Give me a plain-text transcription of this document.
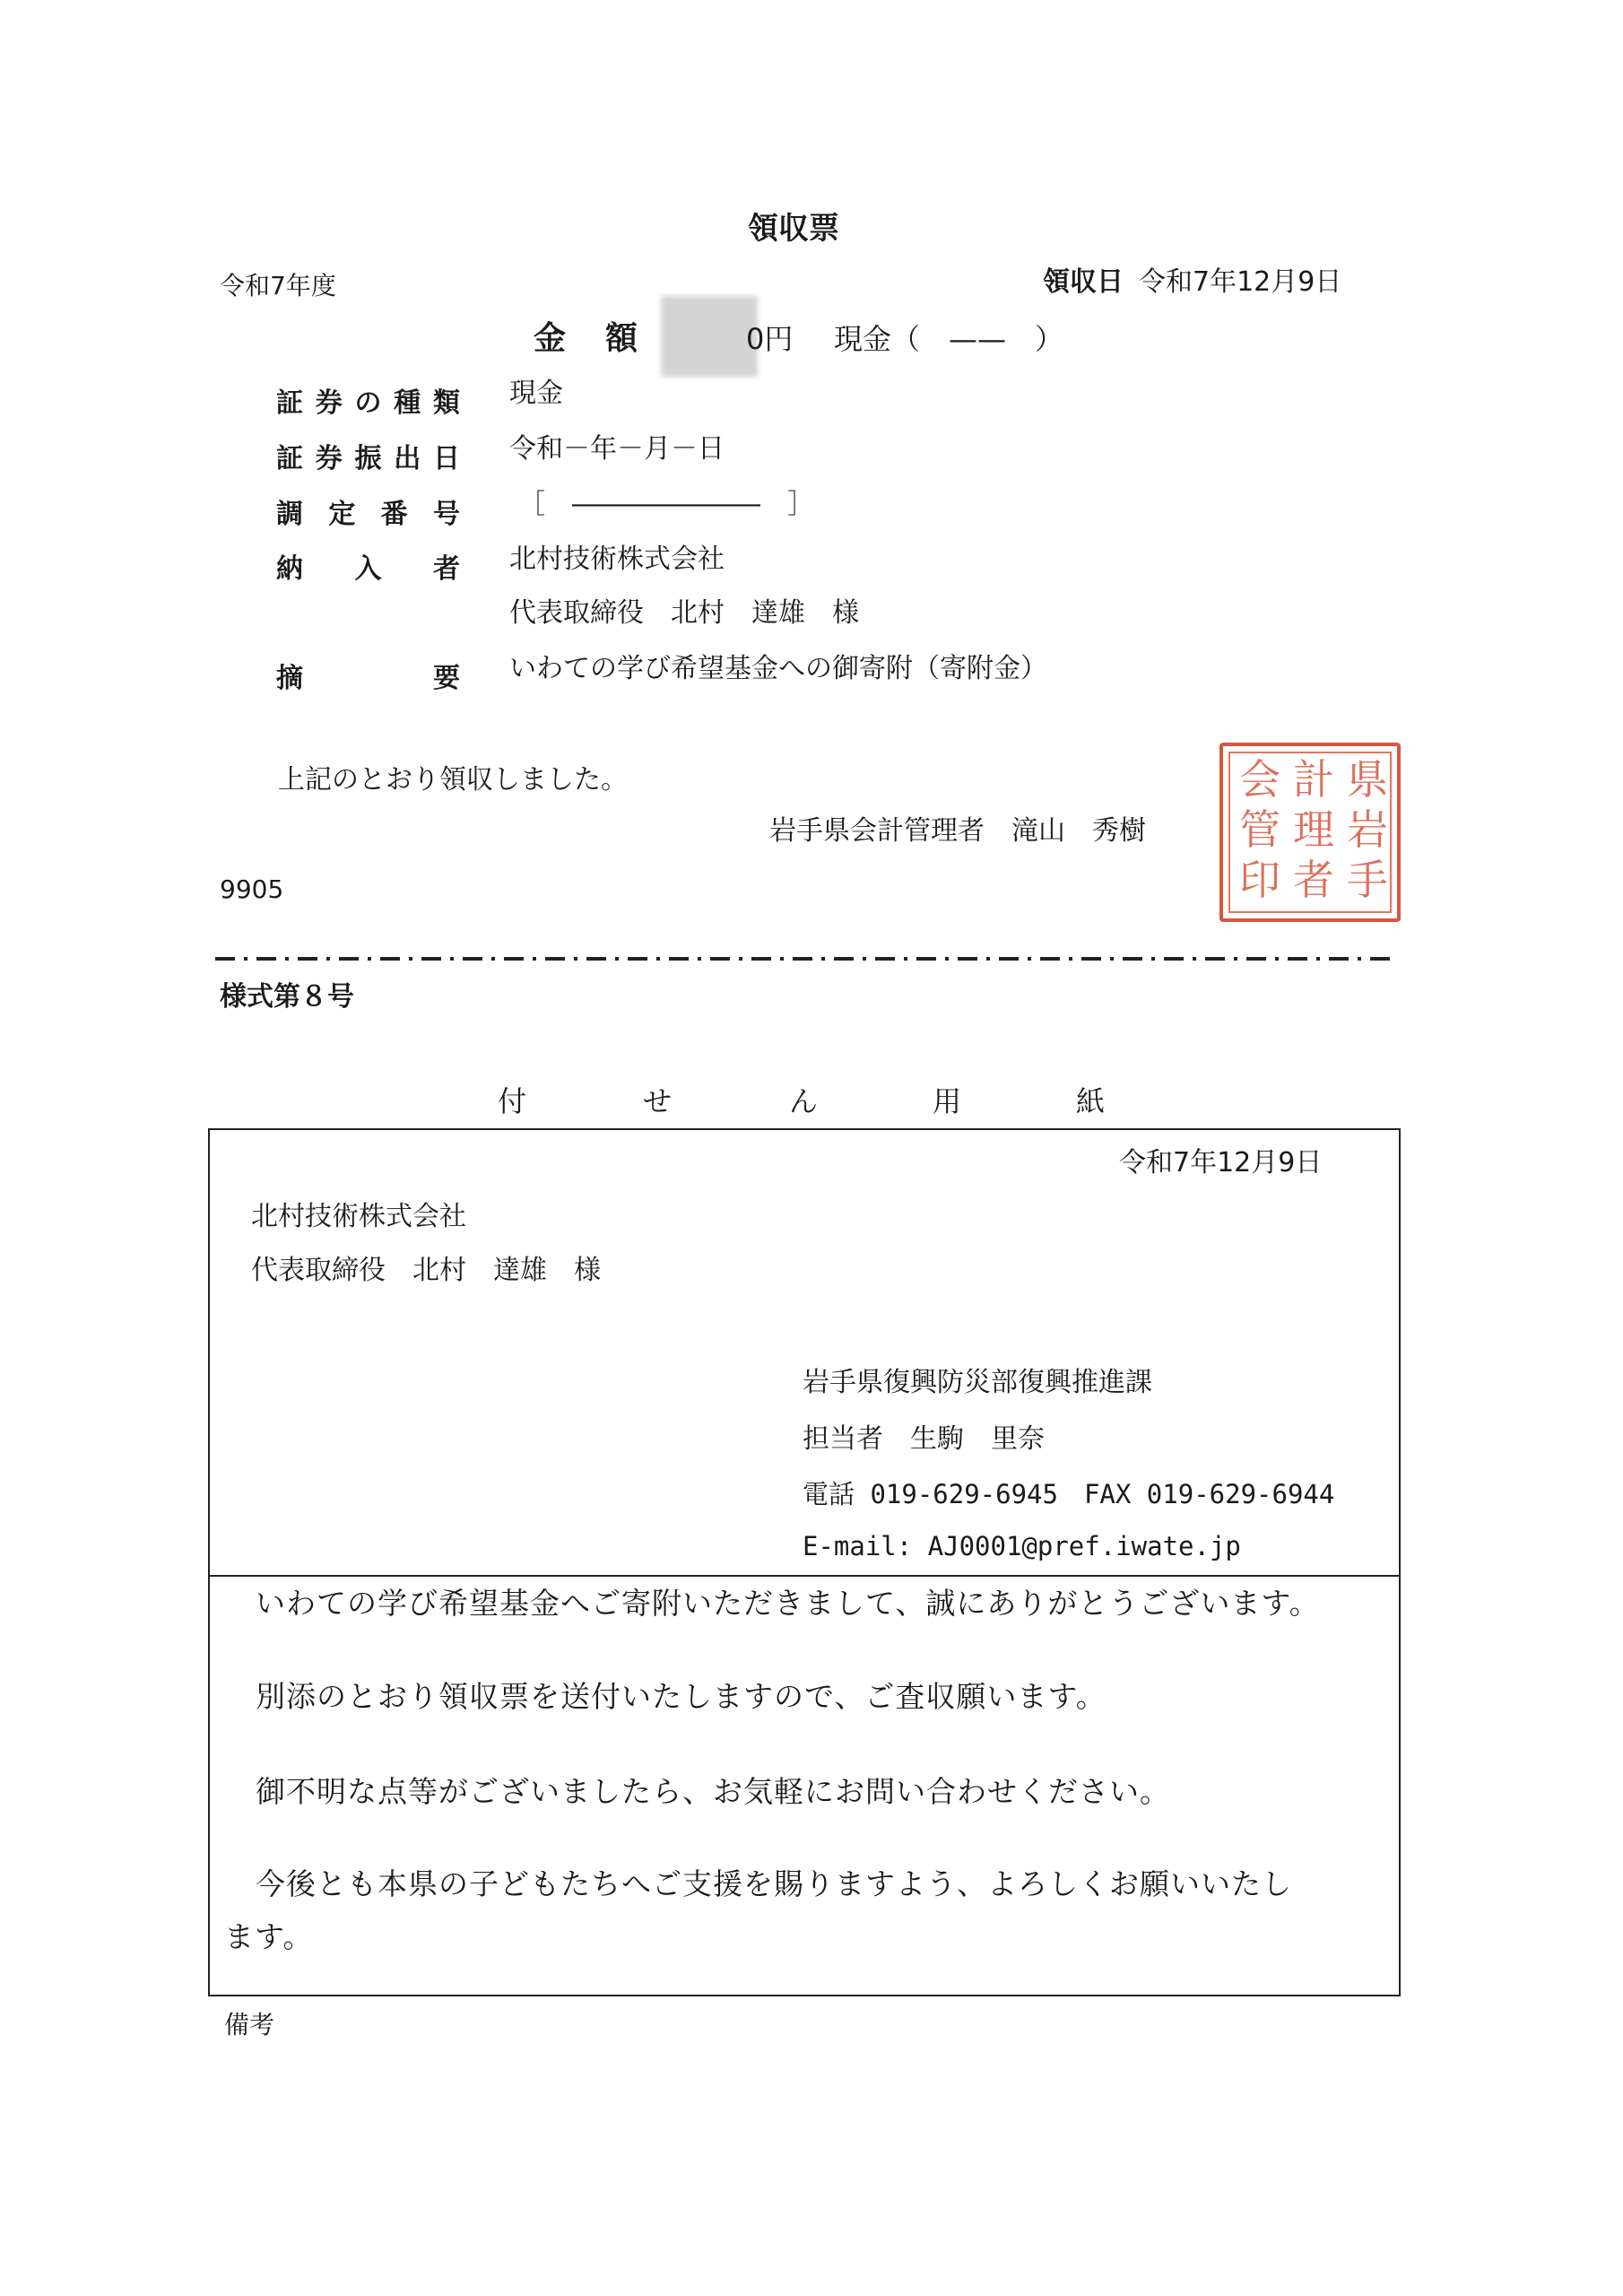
領収票
令和7年度	領収日 令和7年12月9日
金　額	0円 現金（　——　）
証 券 の 種 類 現金
証 券 振 出 日 令和－年－月－日
調 定 番 号 ［　―――――――　］
納 入 者 北村技術株式会社
代表取締役　北村　達雄　様
摘	要 いわての学び希望基金への御寄附（寄附金）
上記のとおり領収しました。
岩手県会計管理者　滝山　秀樹
県
岩
手
計
理
者
会
管
印
9905
様式第８号
付	せ	ん	用	紙
令和7年12月9日
北村技術株式会社
代表取締役　北村　達雄　様
岩手県復興防災部復興推進課
担当者　生駒　里奈
電話 019-629-6945　FAX 019-629-6944
E-mail: AJ0001@pref.iwate.jp
いわての学び希望基金へご寄附いただきまして、誠にありがとうございます。
別添のとおり領収票を送付いたしますので、ご査収願います。
御不明な点等がございましたら、お気軽にお問い合わせください。
今後とも本県の子どもたちへご支援を賜りますよう、よろしくお願いいたし
ます。
備考
